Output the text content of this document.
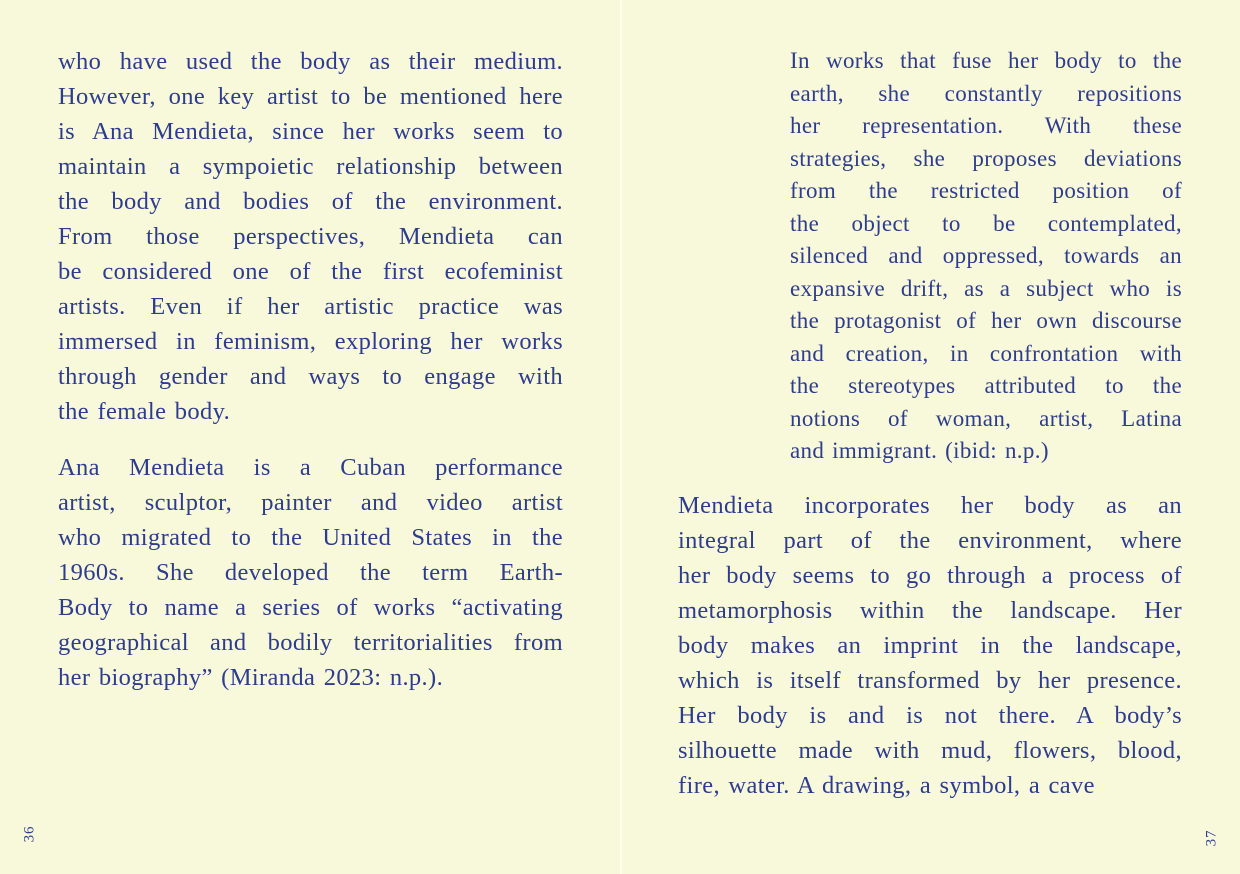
who have used the body as their medium.
However, one key artist to be mentioned here
is Ana Mendieta, since her works seem to
maintain a sympoietic relationship between
the body and bodies of the environment.
From those perspectives, Mendieta can
be considered one of the first ecofeminist
artists. Even if her artistic practice was
immersed in feminism, exploring her works
through gender and ways to engage with
the female body.
Ana Mendieta is a Cuban performance
artist, sculptor, painter and video artist
who migrated to the United States in the
1960s. She developed the term Earth-
Body to name a series of works “activating
geographical and bodily territorialities from
her biography” (Miranda 2023: n.p.).
36
In works that fuse her body to the
earth, she constantly repositions
her representation. With these
strategies, she proposes deviations
from the restricted position of
the object to be contemplated,
silenced and oppressed, towards an
expansive drift, as a subject who is
the protagonist of her own discourse
and creation, in confrontation with
the stereotypes attributed to the
notions of woman, artist, Latina
and immigrant. (ibid: n.p.)
Mendieta incorporates her body as an
integral part of the environment, where
her body seems to go through a process of
metamorphosis within the landscape. Her
body makes an imprint in the landscape,
which is itself transformed by her presence.
Her body is and is not there. A body’s
silhouette made with mud, flowers, blood,
fire, water. A drawing, a symbol, a cave
37
